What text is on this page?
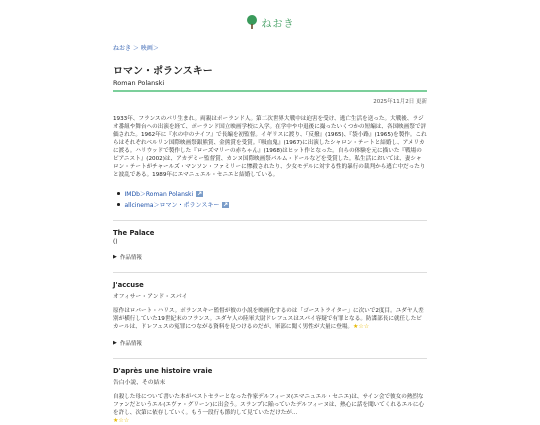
ねおき
ねおき ＞ 映画＞
ロマン・ポランスキー
Roman Polanski
2025年11月2日 更新
1933年、フランスのパリ生まれ。両親はポーランド人。第二次世界大戦中は迫害を受け、逃亡生活を送った。大戦後、ラジオ番組や舞台への出演を経て、ポーランド国立映画学校に入学。在学中や中退後に撮ったいくつかの短編は、各国映画祭で評価された。1962年に『水の中のナイフ』で長編を初監督。イギリスに渡り、『反撥』(1965)、『袋小路』(1965)を製作。これらはそれぞれベルリン国際映画祭銀熊賞、金熊賞を受賞。『吸血鬼』(1967)に出演したシャロン・テートと結婚し、アメリカに渡る。ハリウッドで製作した『ローズマリーの赤ちゃん』(1968)はヒット作となった。自らの体験を元に描いた『戦場のピアニスト』(2002)は、アカデミー監督賞、カンヌ国際映画祭パルム・ドールなどを受賞した。私生活においては、妻シャロン・テートがチャールズ・マンソン・ファミリーに惨殺されたり、少女モデルに対する性的暴行の裁判から逃亡中だったりと波乱である。1989年にエマニュエル・セニエと結婚している。
IMDb＞Roman Polanski
allcinema＞ロマン・ポランスキー
The Palace
()
▶ 作品情報
J'accuse
オフィサー・アンド・スパイ
原作はロバート・ハリス。ポランスキー監督が彼の小説を映画化するのは「ゴーストライター」に次いで2度目。ユダヤ人差別が横行していた19世紀末のフランス。ユダヤ人の陸軍大尉ドレフュスはスパイ容疑で有罪となる。防諜部長に就任したピカールは、ドレフュスの冤罪につながる資料を見つけるのだが、軍部に聞く男性が大量に登場。★☆☆
▶ 作品情報
D'après une histoire vraie
告白小説、その結末
自殺した母について書いた本がベストセラーとなった作家デルフィーヌ(エマニュエル・セニエ)は、サイン会で彼女の熱烈なファンだというエル(エヴァ・グリーン)に出会う。スランプに陥っていたデルフィーヌは、熱心に話を聞いてくれるエルに心を許し、次第に依存していく。もう一段行も節約して見ていただけたが…
★☆☆
